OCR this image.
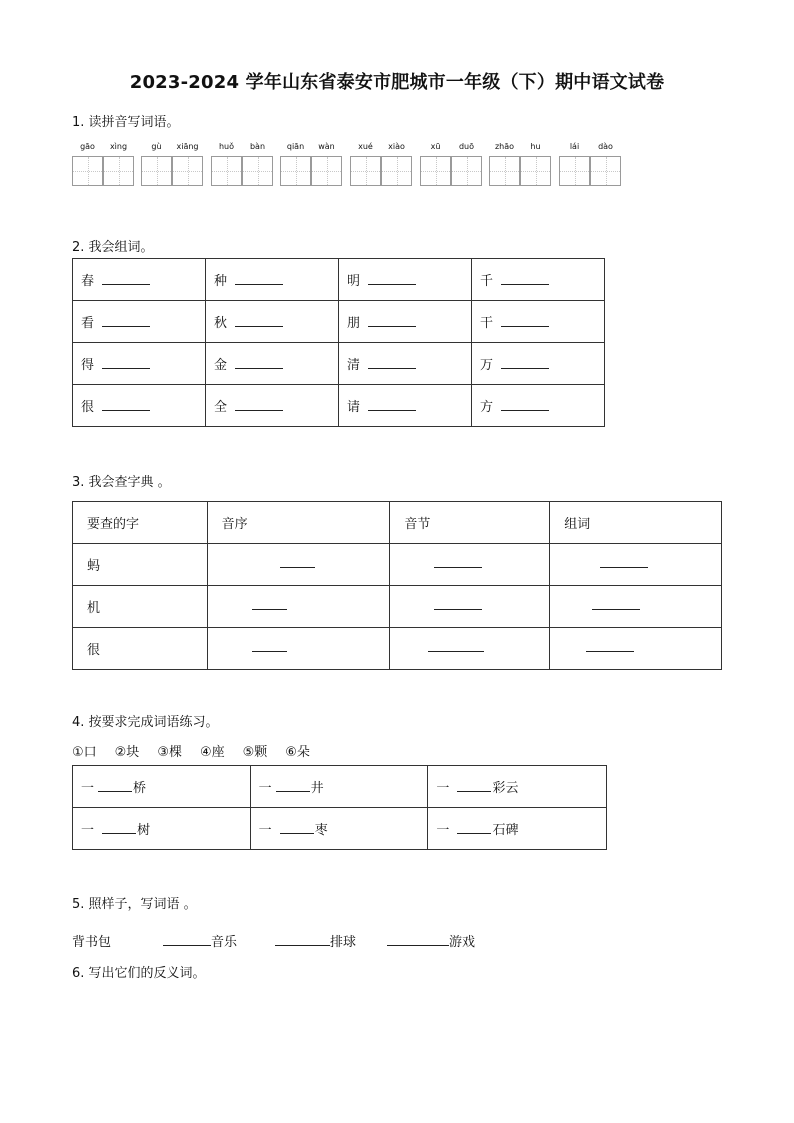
2023-2024 学年山东省泰安市肥城市一年级（下）期中语文试卷
1. 读拼音写词语。
gāo	xìng	gù	xiāng	huǒ	bàn	qiān	wàn	xué	xiào	xū	duō	zhāo	hu	lái	dào
2. 我会组词。
春	种	明	千
看	秋	朋	干
得	金	清	万
很	全	请	方
3. 我会查字典 。
要查的字	音序	音节	组词
蚂			
机			
很			
4. 按要求完成词语练习。
①口 ②块 ③棵 ④座 ⑤颗 ⑥朵
一 桥	一 井	一 彩云
一 树	一 枣	一 石碑
5. 照样子，写词语 。
背书包	音乐	排球	游戏
6. 写出它们的反义词。
